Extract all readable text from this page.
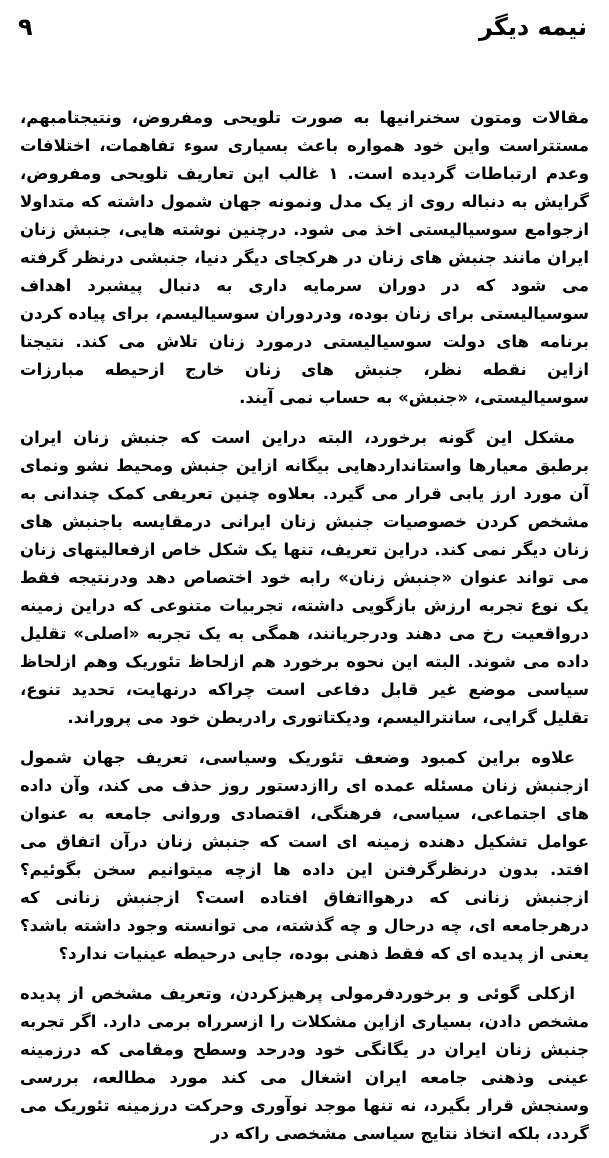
۹	نیمه دیگر

مقالات ومتون سخنرانیها به صورت تلویحی ومفروض، ونتیجتامبهم، مستتراست واین خود همواره باعث بسیاری سوء تفاهمات، اختلافات وعدم ارتباطات گردیده است. ۱ غالب این تعاریف تلویحی ومفروض، گرایش به دنباله روی از یک مدل ونمونه جهان شمول داشته که متداولا ازجوامع سوسیالیستی اخذ می شود. درچنین نوشته هایی، جنبش زنان ایران مانند جنبش های زنان در هرکجای دیگر دنیا، جنبشی درنظر گرفته می شود که در دوران سرمایه داری به دنبال پیشبرد اهداف سوسیالیستی برای زنان بوده، ودردوران سوسیالیسم، برای پیاده کردن برنامه های دولت سوسیالیستی درمورد زنان تلاش می کند. نتیجتا ازاین نقطه نظر، جنبش های زنان خارج ازحیطه مبارزات سوسیالیستی، «جنبش» به حساب نمی آیند.

مشکل این گونه برخورد، البته دراین است که جنبش زنان ایران برطبق معیارها واستانداردهایی بیگانه ازاین جنبش ومحیط نشو ونمای آن مورد ارز یابی قرار می گیرد. بعلاوه چنین تعریفی کمک چندانی به مشخص کردن خصوصیات جنبش زنان ایرانی درمقایسه باجنبش های زنان دیگر نمی کند. دراین تعریف، تنها یک شکل خاص ازفعالیتهای زنان می تواند عنوان «جنبش زنان» رابه خود اختصاص دهد ودرنتیجه فقط یک نوع تجربه ارزش بازگویی داشته، تجربیات متنوعی که دراین زمینه درواقعیت رخ می دهند ودرجریانند، همگی به یک تجربه «اصلی» تقلیل داده می شوند. البته این نحوه برخورد هم ازلحاظ تئوریک وهم ازلحاظ سیاسی موضع غیر قابل دفاعی است چراکه درنهایت، تحدید تنوع، تقلیل گرایی، سانترالیسم، ودیکتاتوری رادربطن خود می پروراند.

علاوه براین کمبود وضعف تئوریک وسیاسی، تعریف جهان شمول ازجنبش زنان مسئله عمده ای راازدستور روز حذف می کند، وآن داده های اجتماعی، سیاسی، فرهنگی، اقتصادی وروانی جامعه به عنوان عوامل تشکیل دهنده زمینه ای است که جنبش زنان درآن اتفاق می افتد. بدون درنظرگرفتن این داده ها ازچه میتوانیم سخن بگوئیم؟ ازجنبش زنانی که درهوااتفاق افتاده است؟ ازجنبش زنانی که درهرجامعه ای، چه درحال و چه گذشته، می توانسته وجود داشته باشد؟ یعنی از پدیده ای که فقط ذهنی بوده، جایی درحیطه عینیات ندارد؟

ازکلی گوئی و برخوردفرمولی پرهیزکردن، وتعریف مشخص از پدیده مشخص دادن، بسیاری ازاین مشکلات را ازسرراه برمی دارد. اگر تجربه جنبش زنان ایران در یگانگی خود ودرحد وسطح ومقامی که درزمینه عینی وذهنی جامعه ایران اشغال می کند مورد مطالعه، بررسی وسنجش قرار بگیرد، نه تنها موجد نوآوری وحرکت درزمینه تئوریک می گردد، بلکه اتخاذ نتایج سیاسی مشخصی راکه در
